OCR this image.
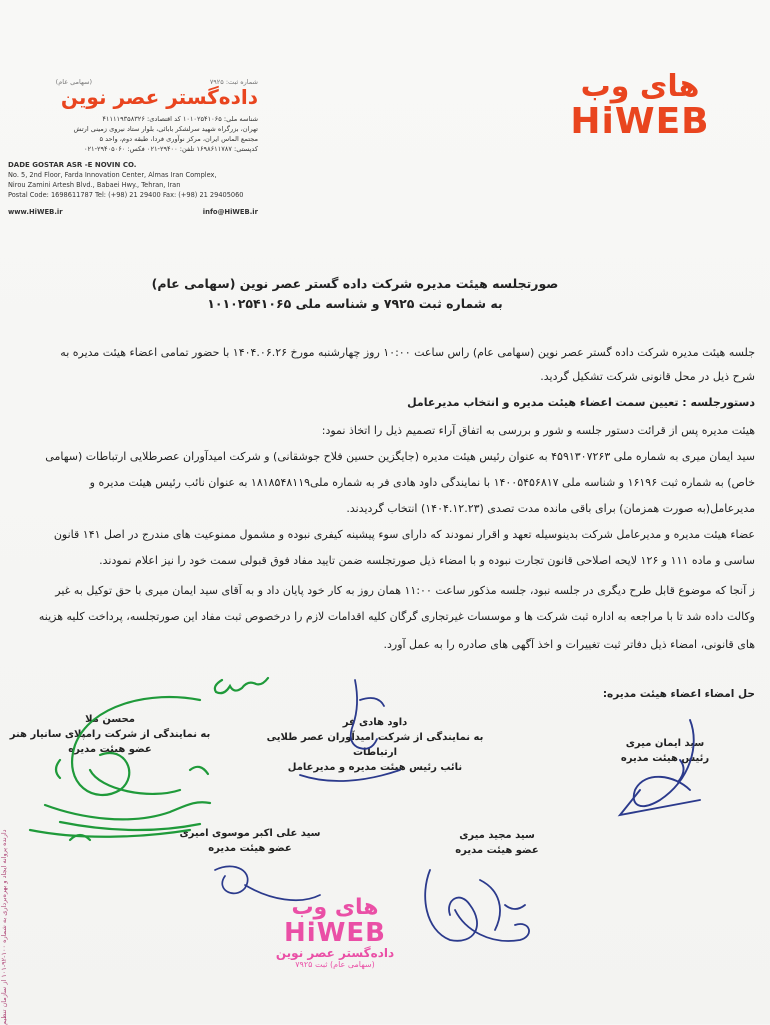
شماره ثبت: ۷۹۲۵
(سهامی عام)
داده‌گستر عصر نوین
شناسه ملی: ۱۰۱۰۲۵۴۱۰۶۵ کد اقتصادی: ۴۱۱۱۱۹۳۵۸۳۲۶
تهران، بزرگراه شهید سرلشکر بابائی، بلوار ستاد نیروی زمینی ارتش
مجتمع الماس ایران، مرکز نوآوری فردا، طبقه دوم، واحد ۵
کدپستی: ۱۶۹۸۶۱۱۷۸۷ تلفن: ۲۹۴۰۰-۰۲۱ فکس: ۲۹۴۰۵۰۶۰-۰۲۱
DADE GOSTAR ASR -E NOVIN CO.
No. 5, 2nd Floor, Farda Innovation Center, Almas Iran Complex,
Nirou Zamini Artesh Blvd., Babaei Hwy., Tehran, Iran
Postal Code: 1698611787 Tel: (+98) 21 29400 Fax: (+98) 21 29405060
www.HiWEB.ir	info@HiWEB.ir
های وب
HiWEB
صورتجلسه هیئت مدیره شرکت داده گستر عصر نوین (سهامی عام)
به شماره ثبت ۷۹۲۵ و شناسه ملی ۱۰۱۰۲۵۴۱۰۶۵
جلسه هیئت مدیره شرکت داده گستر عصر نوین (سهامی عام) راس ساعت ۱۰:۰۰ روز چهارشنبه مورخ ۱۴۰۴.۰۶.۲۶ با حضور تمامی اعضاء هیئت مدیره به
شرح ذیل در محل قانونی شرکت تشکیل گردید.
دستورجلسه : تعیین سمت اعضاء هیئت مدیره و انتخاب مدیرعامل
هیئت مدیره پس از قرائت دستور جلسه و شور و بررسی به اتفاق آراء تصمیم ذیل را اتخاذ نمود:
سید ایمان میری به شماره ملی ۴۵۹۱۳۰۷۲۶۳ به عنوان رئیس هیئت مدیره (جایگزین حسین فلاح جوشقانی) و شرکت امیدآوران عصرطلایی ارتباطات (سهامی
خاص) به شماره ثبت ۱۶۱۹۶ و شناسه ملی ۱۴۰۰۵۴۵۶۸۱۷ با نمایندگی داود هادی فر به شماره ملی۱۸۱۸۵۴۸۱۱۹ به عنوان نائب رئیس هیئت مدیره و
مدیرعامل(به صورت همزمان) برای باقی مانده مدت تصدی (۱۴۰۴.۱۲.۲۳) انتخاب گردیدند.
عضاء هیئت مدیره و مدیرعامل شرکت بدینوسیله تعهد و اقرار نمودند که دارای سوء پیشینه کیفری نبوده و مشمول ممنوعیت های مندرج در اصل ۱۴۱ قانون
ساسی و ماده ۱۱۱ و ۱۲۶ لایحه اصلاحی قانون تجارت نبوده و با امضاء ذیل صورتجلسه ضمن تایید مفاد فوق قبولی سمت خود را نیز اعلام نمودند.
ز آنجا که موضوع قابل طرح دیگری در جلسه نبود، جلسه مذکور ساعت ۱۱:۰۰ همان روز به کار خود پایان داد و به آقای سید ایمان میری با حق توکیل به غیر
وکالت داده شد تا با مراجعه به اداره ثبت شرکت ها و موسسات غیرتجاری گرگان کلیه اقدامات لازم را درخصوص ثبت مفاد این صورتجلسه، پرداخت کلیه هزینه
های قانونی، امضاء ذیل دفاتر ثبت تغییرات و اخذ آگهی های صادره را به عمل آورد.
حل امضاء اعضاء هیئت مدیره:
سید ایمان میری
رئیس هیئت مدیره
داود هادی فر
به نمایندگی از شرکت امیدآوران عصر طلایی ارتباطات
نائب رئیس هیئت مدیره و مدیرعامل
محسن ملا
به نمایندگی از شرکت رامپلای سانیار هنر
عضو هیئت مدیره
سید مجید میری
عضو هیئت مدیره
سید علی اکبر موسوی امیری
عضو هیئت مدیره
های وب
HiWEB
داده‌گستر عصر نوین
(سهامی عام) ثبت ۷۹۲۵
دارنده پروانه ایجاد و بهره‌برداری به شماره ۱۰۰-۹۲-۱۰۱ از سازمان تنظیم
